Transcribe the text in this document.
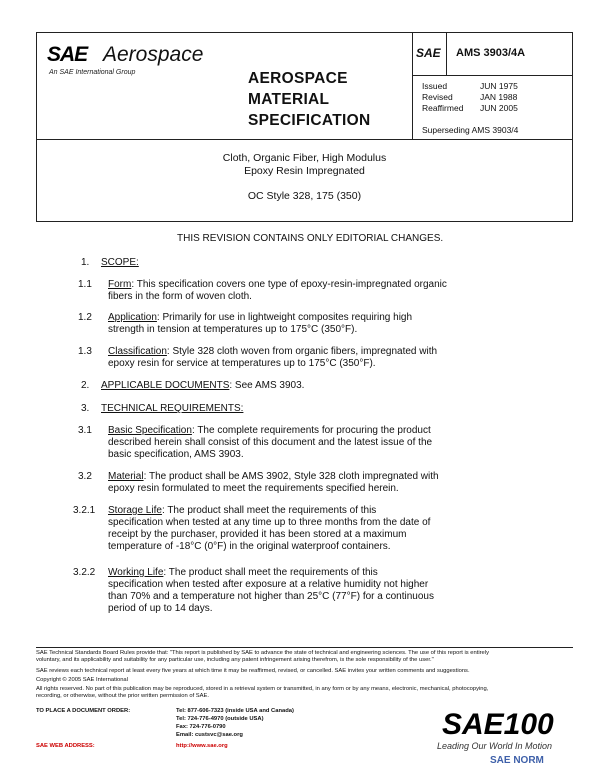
SAE Aerospace
An SAE International Group	AEROSPACE
MATERIAL
SPECIFICATION
SAE AMS 3903/4A
Issued	JUN 1975
Revised	JAN 1988
Reaffirmed	JUN 2005
Superseding AMS 3903/4
Cloth, Organic Fiber, High Modulus
Epoxy Resin Impregnated
OC Style 328, 175 (350)
THIS REVISION CONTAINS ONLY EDITORIAL CHANGES.
1. SCOPE:
1.1 Form: This specification covers one type of epoxy-resin-impregnated organic
fibers in the form of woven cloth.
1.2 Application: Primarily for use in lightweight composites requiring high
strength in tension at temperatures up to 175°C (350°F).
1.3 Classification: Style 328 cloth woven from organic fibers, impregnated with
epoxy resin for service at temperatures up to 175°C (350°F).
2. APPLICABLE DOCUMENTS: See AMS 3903.
3. TECHNICAL REQUIREMENTS:
3.1 Basic Specification: The complete requirements for procuring the product
described herein shall consist of this document and the latest issue of the
basic specification, AMS 3903.
3.2 Material: The product shall be AMS 3902, Style 328 cloth impregnated with
epoxy resin formulated to meet the requirements specified herein.
3.2.1 Storage Life: The product shall meet the requirements of this
specification when tested at any time up to three months from the date of
receipt by the purchaser, provided it has been stored at a maximum
temperature of -18°C (0°F) in the original waterproof containers.
3.2.2 Working Life: The product shall meet the requirements of this
specification when tested after exposure at a relative humidity not higher
than 70% and a temperature not higher than 25°C (77°F) for a continuous
period of up to 14 days.
SAE Technical Standards Board Rules provide that: "This report is published by SAE to advance the state of technical and engineering sciences. The use of this report is entirely
voluntary, and its applicability and suitability for any particular use, including any patent infringement arising therefrom, is the sole responsibility of the user."
SAE reviews each technical report at least every five years at which time it may be reaffirmed, revised, or cancelled. SAE invites your written comments and suggestions.
Copyright © 2005 SAE International
All rights reserved. No part of this publication may be reproduced, stored in a retrieval system or transmitted, in any form or by any means, electronic, mechanical, photocopying,
recording, or otherwise, without the prior written permission of SAE.
TO PLACE A DOCUMENT ORDER:	Tel: 877-606-7323 (inside USA and Canada)
Tel: 724-776-4970 (outside USA)
Fax: 724-776-0790
Email: custsvc@sae.org
SAE WEB ADDRESS:	http://www.sae.org
SAE100
Leading Our World In Motion
SAE NORM
